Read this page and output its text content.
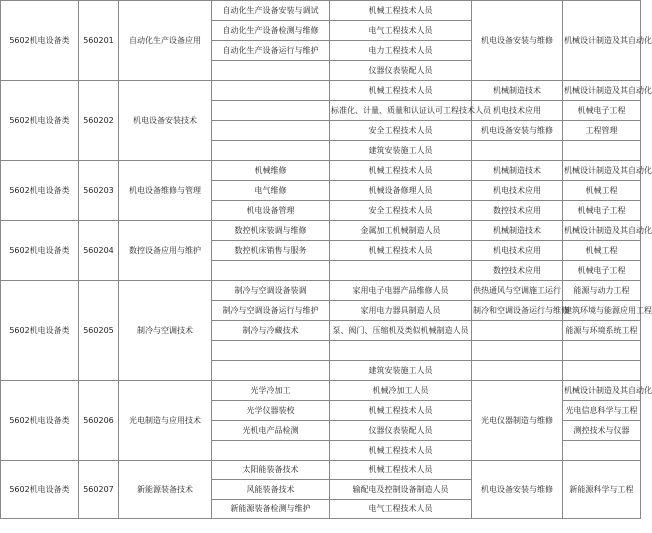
5602机电设备类	560201	自动化生产设备应用	自动化生产设备安装与调试	机械工程技术人员	机电设备安装与维修	机械设计制造及其自动化
			自动化生产设备检测与维修	电气工程技术人员		
			自动化生产设备运行与维护	电力工程技术人员		
				仪器仪表装配人员		
5602机电设备类	560202	机电设备安装技术		机械工程技术人员	机械制造技术	机械设计制造及其自动化
				标准化、计量、质量和认证认可工程技术人员	机电技术应用	机械电子工程
				安全工程技术人员	机电设备安装与维修	工程管理
				建筑安装施工人员		
5602机电设备类	560203	机电设备维修与管理	机械维修	机械工程技术人员	机械制造技术	机械设计制造及其自动化
			电气维修	机械设备修理人员	机电技术应用	机械工程
			机电设备管理	安全工程技术人员	数控技术应用	机械电子工程
5602机电设备类	560204	数控设备应用与维护	数控机床装调与维修	金属加工机械制造人员	机械制造技术	机械设计制造及其自动化
			数控机床销售与服务	机械工程技术人员	机电技术应用	机械工程
					数控技术应用	机械电子工程
5602机电设备类	560205	制冷与空调技术	制冷与空调设备装调	家用电子电器产品维修人员	供热通风与空调施工运行	能源与动力工程
			制冷与空调设备运行与维护	家用电力器具制造人员	制冷和空调设备运行与维修	建筑环境与能源应用工程
			制冷与冷藏技术	泵、阀门、压缩机及类似机械制造人员		能源与环境系统工程

				建筑安装施工人员		
5602机电设备类	560206	光电制造与应用技术	光学冷加工	机械冷加工人员	光电仪器制造与维修	机械设计制造及其自动化
			光学仪器装校	机械工程技术人员		光电信息科学与工程
			光机电产品检测	仪器仪表装配人员		测控技术与仪器
				机械工程技术人员		
5602机电设备类	560207	新能源装备技术	太阳能装备技术	机械工程技术人员	机电设备安装与维修	新能源科学与工程
			风能装备技术	输配电及控制设备制造人员		
			新能源装备检测与维护	电气工程技术人员		
